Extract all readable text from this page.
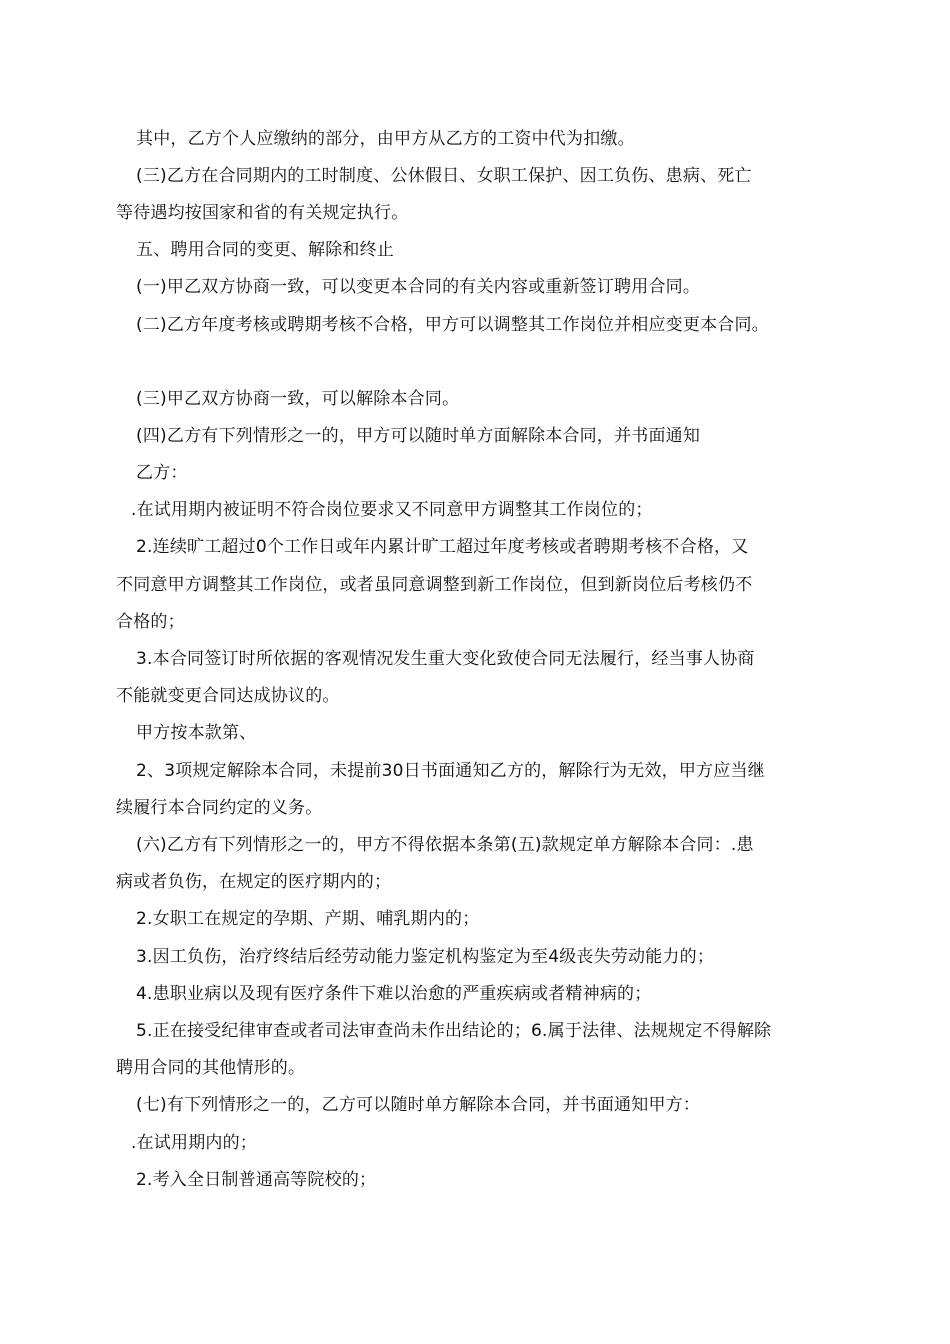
其中，乙方个人应缴纳的部分，由甲方从乙方的工资中代为扣缴。
(三)乙方在合同期内的工时制度、公休假日、女职工保护、因工负伤、患病、死亡
等待遇均按国家和省的有关规定执行。
五、聘用合同的变更、解除和终止
(一)甲乙双方协商一致，可以变更本合同的有关内容或重新签订聘用合同。
(二)乙方年度考核或聘期考核不合格，甲方可以调整其工作岗位并相应变更本合同。
(三)甲乙双方协商一致，可以解除本合同。
(四)乙方有下列情形之一的，甲方可以随时单方面解除本合同，并书面通知
乙方：
.在试用期内被证明不符合岗位要求又不同意甲方调整其工作岗位的；
2.连续旷工超过0个工作日或年内累计旷工超过年度考核或者聘期考核不合格，又
不同意甲方调整其工作岗位，或者虽同意调整到新工作岗位，但到新岗位后考核仍不
合格的；
3.本合同签订时所依据的客观情况发生重大变化致使合同无法履行，经当事人协商
不能就变更合同达成协议的。
甲方按本款第、
2、3项规定解除本合同，未提前30日书面通知乙方的，解除行为无效，甲方应当继
续履行本合同约定的义务。
(六)乙方有下列情形之一的，甲方不得依据本条第(五)款规定单方解除本合同：.患
病或者负伤，在规定的医疗期内的；
2.女职工在规定的孕期、产期、哺乳期内的；
3.因工负伤，治疗终结后经劳动能力鉴定机构鉴定为至4级丧失劳动能力的；
4.患职业病以及现有医疗条件下难以治愈的严重疾病或者精神病的；
5.正在接受纪律审查或者司法审查尚未作出结论的；6.属于法律、法规规定不得解除
聘用合同的其他情形的。
(七)有下列情形之一的，乙方可以随时单方解除本合同，并书面通知甲方：
.在试用期内的；
2.考入全日制普通高等院校的；
